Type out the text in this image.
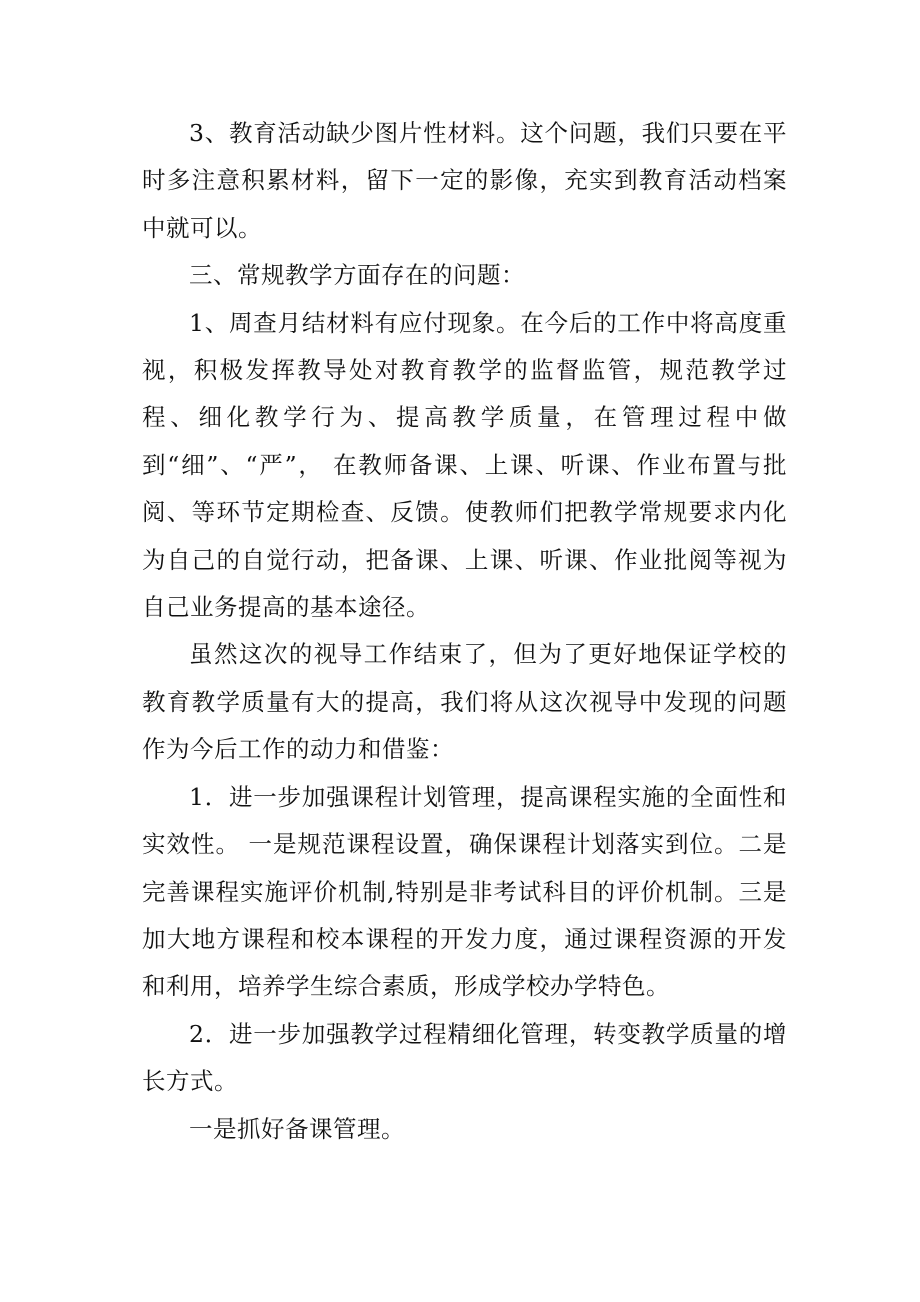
3、教育活动缺少图片性材料。这个问题，我们只要在平时多注意积累材料，留下一定的影像，充实到教育活动档案中就可以。

三、常规教学方面存在的问题：

1、周查月结材料有应付现象。在今后的工作中将高度重视，积极发挥教导处对教育教学的监督监管，规范教学过程、细化教学行为、提高教学质量，在管理过程中做到“细”、“严”， 在教师备课、上课、听课、作业布置与批阅、等环节定期检查、反馈。使教师们把教学常规要求内化为自己的自觉行动，把备课、上课、听课、作业批阅等视为自己业务提高的基本途径。

虽然这次的视导工作结束了，但为了更好地保证学校的教育教学质量有大的提高，我们将从这次视导中发现的问题作为今后工作的动力和借鉴：

1．进一步加强课程计划管理，提高课程实施的全面性和实效性。 一是规范课程设置，确保课程计划落实到位。二是完善课程实施评价机制,特别是非考试科目的评价机制。三是加大地方课程和校本课程的开发力度，通过课程资源的开发和利用，培养学生综合素质，形成学校办学特色。

2．进一步加强教学过程精细化管理，转变教学质量的增长方式。

一是抓好备课管理。
